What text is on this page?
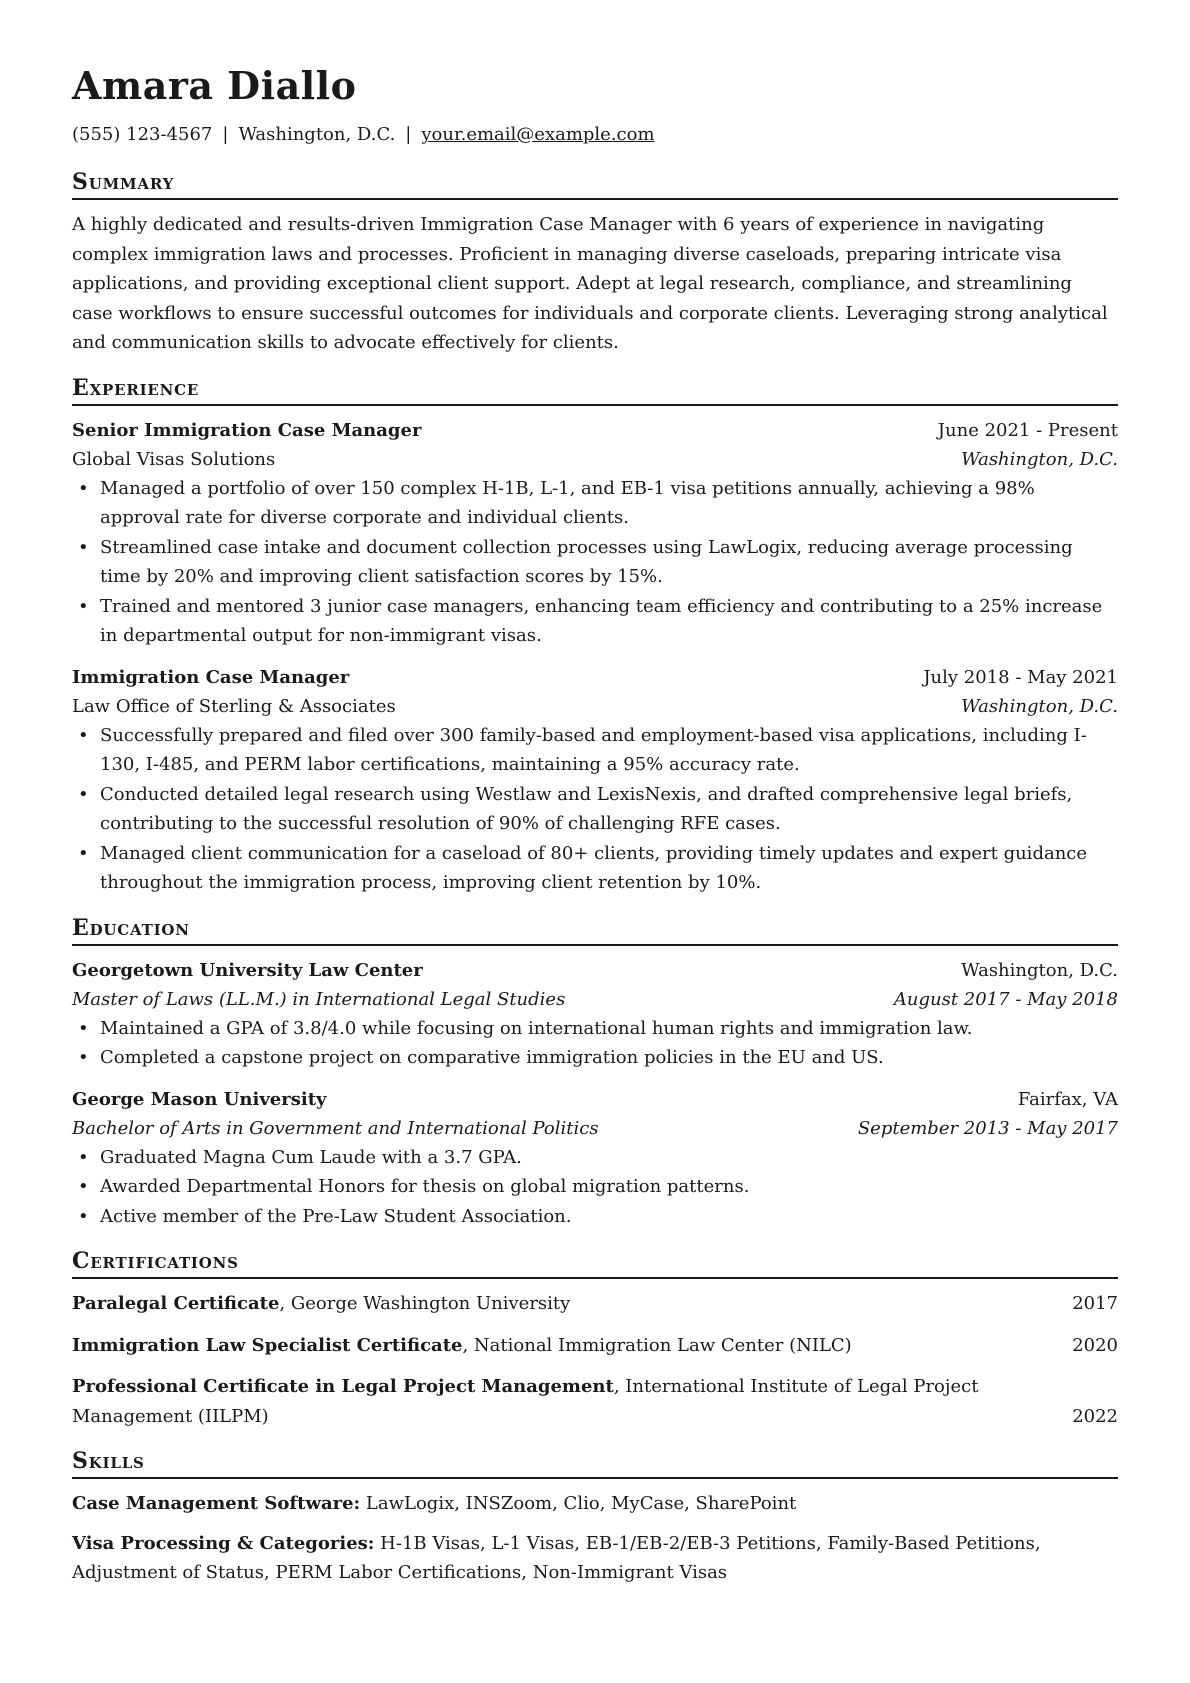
Amara Diallo
(555) 123-4567 | Washington, D.C. | your.email@example.com
Summary

A highly dedicated and results-driven Immigration Case Manager with 6 years of experience in navigating complex immigration laws and processes. Proficient in managing diverse caseloads, preparing intricate visa applications, and providing exceptional client support. Adept at legal research, compliance, and streamlining case workflows to ensure successful outcomes for individuals and corporate clients. Leveraging strong analytical and communication skills to advocate effectively for clients.

Experience
Senior Immigration Case Manager	June 2021 - Present
Global Visas Solutions	Washington, D.C.
• Managed a portfolio of over 150 complex H-1B, L-1, and EB-1 visa petitions annually, achieving a 98% approval rate for diverse corporate and individual clients.
• Streamlined case intake and document collection processes using LawLogix, reducing average processing time by 20% and improving client satisfaction scores by 15%.
• Trained and mentored 3 junior case managers, enhancing team efficiency and contributing to a 25% increase in departmental output for non-immigrant visas.
Immigration Case Manager	July 2018 - May 2021
Law Office of Sterling & Associates	Washington, D.C.
• Successfully prepared and filed over 300 family-based and employment-based visa applications, including I-130, I-485, and PERM labor certifications, maintaining a 95% accuracy rate.
• Conducted detailed legal research using Westlaw and LexisNexis, and drafted comprehensive legal briefs, contributing to the successful resolution of 90% of challenging RFE cases.
• Managed client communication for a caseload of 80+ clients, providing timely updates and expert guidance throughout the immigration process, improving client retention by 10%.
Education
Georgetown University Law Center	Washington, D.C.
Master of Laws (LL.M.) in International Legal Studies	August 2017 - May 2018
• Maintained a GPA of 3.8/4.0 while focusing on international human rights and immigration law.
• Completed a capstone project on comparative immigration policies in the EU and US.
George Mason University	Fairfax, VA
Bachelor of Arts in Government and International Politics	September 2013 - May 2017
• Graduated Magna Cum Laude with a 3.7 GPA.
• Awarded Departmental Honors for thesis on global migration patterns.
• Active member of the Pre-Law Student Association.
Certifications
Paralegal Certificate, George Washington University	2017
Immigration Law Specialist Certificate, National Immigration Law Center (NILC)	2020
Professional Certificate in Legal Project Management, International Institute of Legal Project Management (IILPM)	2022
Skills
Case Management Software: LawLogix, INSZoom, Clio, MyCase, SharePoint
Visa Processing & Categories: H-1B Visas, L-1 Visas, EB-1/EB-2/EB-3 Petitions, Family-Based Petitions, Adjustment of Status, PERM Labor Certifications, Non-Immigrant Visas
